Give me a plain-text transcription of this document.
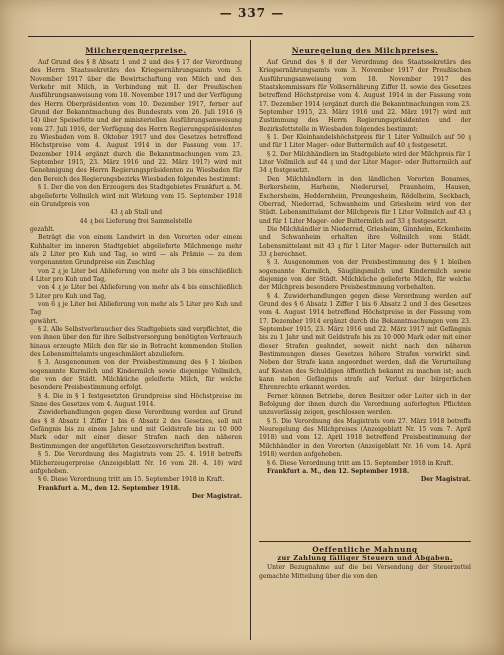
— 337 —
Milchergengerpreise.

Auf Grund des § 8 Absatz 1 und 2 und des § 17 der Verordnung des Herrn Staatssekretärs des Kriegsernährungsamts vom 3. November 1917 über die Bewirtschaftung von Milch und den Verkehr mit Milch, in Verbindung mit II. der Preußischen Ausführungsanweisung vom 18. November 1917 und der Verfügung des Herrn Oberpräsidenten vom 10. Dezember 1917, ferner auf Grund der Bekanntmachung des Bundesrats vom 26. Juli 1916 (§ 14) über Speisefette und der ministeriellen Ausführungsanweisung vom 27. Juli 1916, der Verfügung des Herrn Regierungspräsidenten zu Wiesbaden vom 8. Oktober 1917 und des Gesetzes betreffend Höchstpreise vom 4. August 1914 in der Fassung vom 17. Dezember 1914 ergänzt durch die Bekanntmachungen vom 23. September 1915, 23. März 1916 und 22. März 1917) wird mit Genehmigung des Herrn Regierungspräsidenten zu Wiesbaden für den Bereich des Regierungsbezirks Wiesbaden folgendes bestimmt:

§ 1. Der die von den Erzeugern des Stadtgebietes Frankfurt a. M. abgelieferte Vollmilch wird mit Wirkung vom 15. September 1918 ein Grundpreis von

43 ₰ ab Stall und

44 ₰ bei Lieferung frei Sammelstelle

gezahlt.

Beträgt die von einem Landwirt in den Vororten oder einem Kuhhalter im inneren Stadtgebiet abgelieferte Milchmenge mehr als 2 Liter pro Kuh und Tag, so wird — als Prämie — zu dem vorgenannten Grundpreise ein Zuschlag

von 2 ₰ je Liter bei Ablieferung von mehr als 3 bis einschließlich 4 Liter pro Kuh und Tag,

von 4 ₰ je Liter bei Ablieferung von mehr als 4 bis einschließlich 5 Liter pro Kuh und Tag,

von 6 ₰ je Liter bei Ablieferung von mehr als 5 Liter pro Kuh und Tag

gewährt.

§ 2. Alle Selbstverbraucher des Stadtgebiets sind verpflichtet, die von ihnen über den für ihre Selbstversorgung benötigten Verbrauch hinaus erzeugte Milch den für sie in Betracht kommenden Stellen des Lebensmittelamts ungeschmälert abzuliefern.

§ 3. Ausgenommen von der Preisbestimmung des § 1 bleiben sogenannte Kurmilch und Kindermilch sowie diejenige Vollmilch, die von der Städt. Milchküche geleiferte Milch, für welche besondere Preisbestimmung erfolgt.

§ 4. Die in § 1 festgesetzten Grundpreise sind Höchstpreise im Sinne des Gesetzes vom 4. August 1914.

Zuwiderhandlungen gegen diese Verordnung werden auf Grund des § 8 Absatz 1 Ziffer 1 bis 6 Absatz 2 des Gesetzes, soll mit Gefängnis bis zu einem Jahre und mit Geldstrafe bis zu 10 000 Mark oder mit einer dieser Strafen nach den näheren Bestimmungen der angeführten Gesetzesvorschriften bestraft.

§ 5. Die Verordnung des Magistrats vom 25. 4. 1918 betreffs Milcherzeugerpreise (Anzeigeblatt Nr. 16 vom 28. 4. 18) wird aufgehoben.

§ 6. Diese Verordnung tritt am 15. September 1918 in Kraft.

Frankfurt a. M., den 12. September 1918.

Der Magistrat.

Neuregelung des Milchpreises.

Auf Grund des § 8 der Verordnung des Staatssekretärs des Kriegsernährungsamts vom 3. November 1917 der Preußischen Ausführungsanweisung vom 18. November 1917 des Staatskommissars für Volksernährung Ziffer II. sowie des Gesetzes betreffend Höchstpreise vom 4. August 1914 in der Fassung vom 17. Dezember 1914 (ergänzt durch die Bekanntmachungen vom 23. September 1915, 23. März 1916 und 22. März 1917) wird mit Zustimmung des Herrn Regierungspräsidenten und der Bezirksfettstelle in Wiesbaden folgendes bestimmt:

§ 1. Der Kleinhandelshöchstpreis für 1 Liter Vollmilch auf 50 ₰ und für 1 Liter Mager- oder Buttermilch auf 40 ₰ festgesetzt.

§ 2. Der Milchhändlern im Stadtgebiete wird der Milchpreis für 1 Liter Vollmilch auf 44 ₰ und der Liter Mager- oder Buttermilch auf 34 ₰ festgesetzt.

Den Milchhändlern in den ländlichen Vororten Bonames, Berkersheim, Harheim, Niederursel, Praunheim, Hausen, Eschersheim, Heddernheim, Preungesheim, Rödelheim, Seckbach, Oberrad, Niederrad, Schwanheim und Griesheim wird von der Städt. Lebensmittelamt der Milchpreis für 1 Liter Vollmilch auf 43 ₰ und für 1 Liter Mager- oder Buttermilch auf 33 ₰ festgesetzt.

Die Milchhändler in Niederrad, Griesheim, Ginnheim, Eckenheim und Schwanheim erhalten ihre Vollmilch vom Städt. Lebensmittelamt mit 43 ₰ für 1 Liter Mager- oder Buttermilch mit 33 ₰ berechnet.

§ 3. Ausgenommen von der Preisbestimmung des § 1 bleiben sogenannte Kurmilch, Säuglingsmilch und Kindermilch sowie diejenige von der Städt. Milchküche gelieferte Milch, für welche der Milchpreis besondere Preisbestimmung vorbehalten.

§ 4. Zuwiderhandlungen gegen diese Verordnung werden auf Grund des § 6 Absatz 1 Ziffer 1 bis 6 Absatz 2 und 3 des Gesetzes vom 4. August 1914 betreffend Höchstpreise in der Fassung vom 17. Dezember 1914 ergänzt durch die Bekanntmachungen vom 23. September 1915, 23. März 1916 und 22. März 1917 mit Gefängnis bis zu 1 Jahr und mit Geldstrafe bis zu 10 000 Mark oder mit einer dieser Strafen geahndet, soweit nicht nach den näheren Bestimmungen dieses Gesetzes höhere Strafen verwirkt sind. Neben der Strafe kann angeordnet werden, daß die Verurteilung auf Kosten des Schuldigen öffentlich bekannt zu machen ist; auch kann neben Gefängnis strafe auf Verlust der bürgerlichen Ehrenrechte erkannt werden.

Ferner können Betriebe, deren Besitzer oder Leiter sich in der Befolgung der ihnen durch die Verordnung auferlegten Pflichten unzuverlässig zeigen, geschlossen werden.

§ 5. Die Verordnung des Magistrats vom 27. März 1918 betreffs Neuregelung des Milchpreises (Anzeigeblatt Nr. 15 vom 7. April 1918) und vom 12. April 1918 betreffend Preisbestimmung der Milchhändler in den Vororten (Anzeigeblatt Nr. 16 vom 14. April 1918) werden aufgehoben.

§ 6. Diese Verordnung tritt am 15. September 1918 in Kraft.

Frankfurt a. M., den 12. September 1918.

Der Magistrat.

Oeffentliche Mahnung
zur Zahlung fälliger Steuern und Abgaben.

Unter Bezugnahme auf die bei Versendung der Steuerzettel gemachte Mitteilung über die von den
